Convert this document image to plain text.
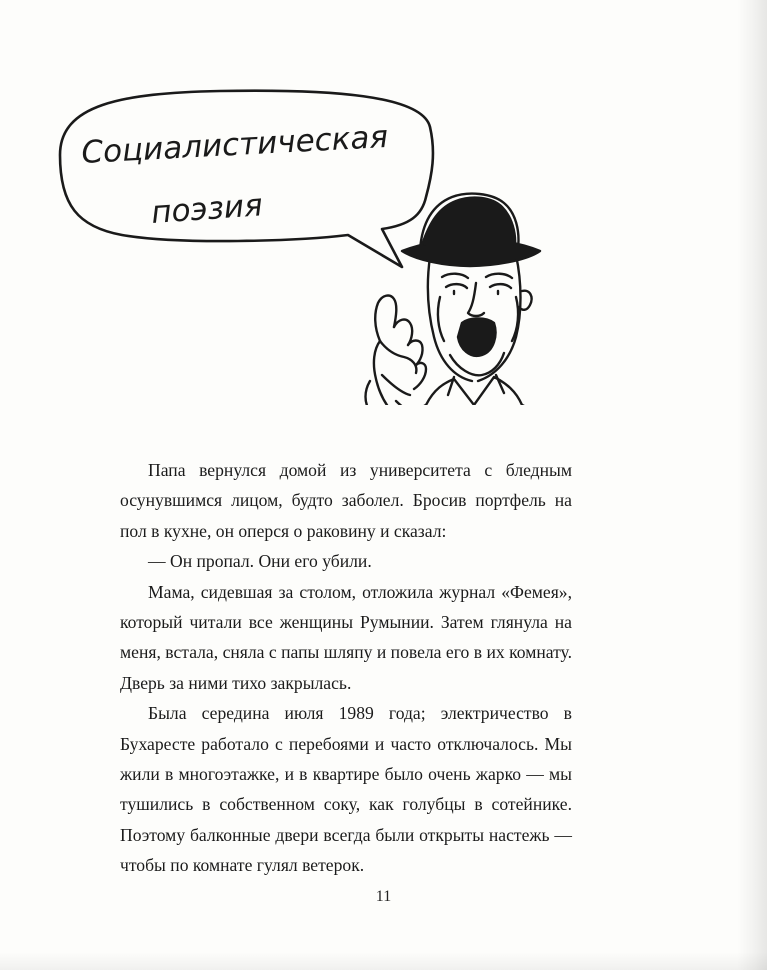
Социалистическая
поэзия

Папа вернулся домой из университета с бледным осунувшимся лицом, будто заболел. Бросив портфель на пол в кухне, он оперся о раковину и сказал:

— Он пропал. Они его убили.

Мама, сидевшая за столом, отложила журнал «Фемея», который читали все женщины Румынии. Затем глянула на меня, встала, сняла с папы шляпу и повела его в их комнату. Дверь за ними тихо закрылась.

Была середина июля 1989 года; электричество в Бухаресте работало с перебоями и часто отключалось. Мы жили в многоэтажке, и в квартире было очень жарко — мы тушились в собственном соку, как голубцы в сотейнике. Поэтому балконные двери всегда были открыты настежь — чтобы по комнате гулял ветерок.

11
